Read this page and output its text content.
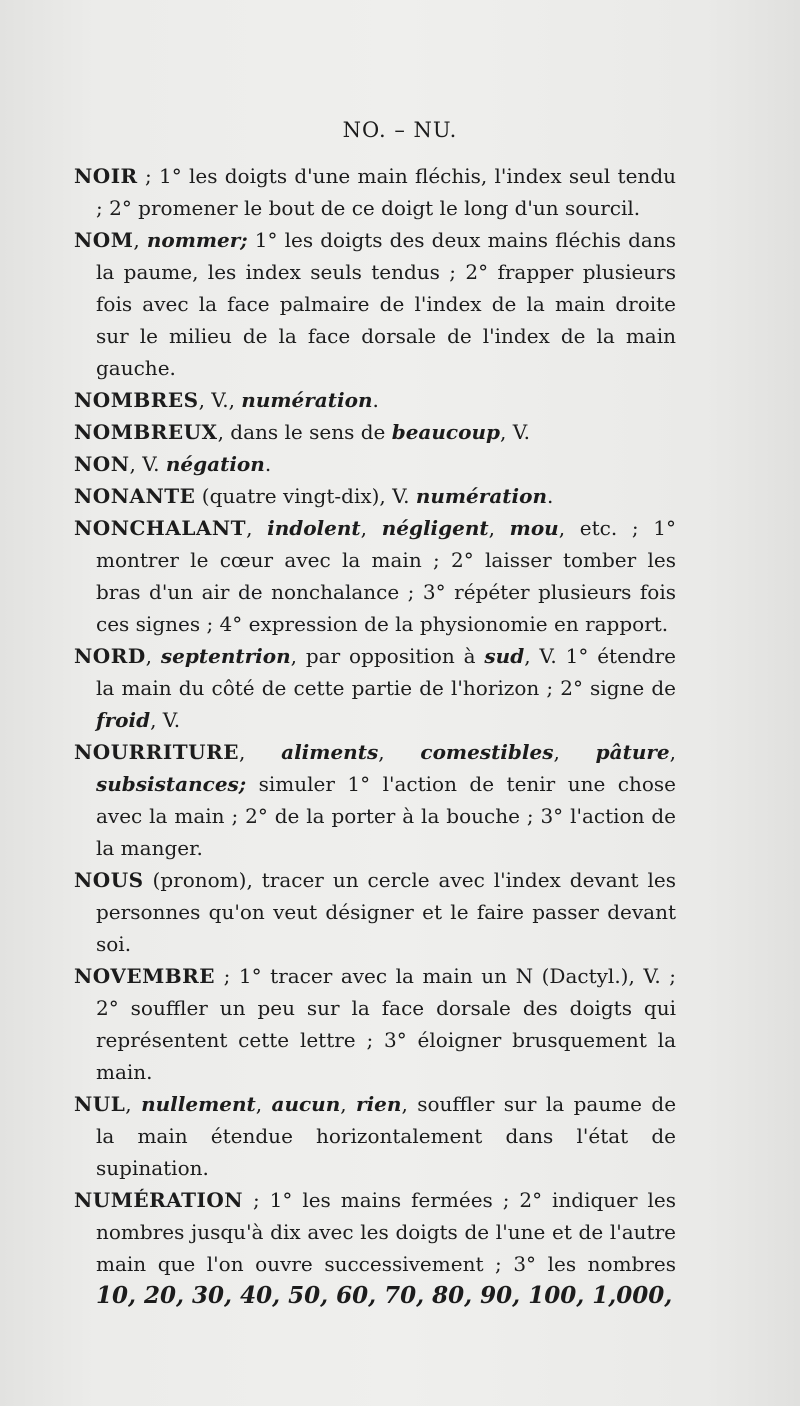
NO. – NU.

NOIR ; 1° les doigts d'une main fléchis, l'index seul tendu ; 2° promener le bout de ce doigt le long d'un sourcil.

NOM, nommer; 1° les doigts des deux mains fléchis dans la paume, les index seuls tendus ; 2° frapper plusieurs fois avec la face palmaire de l'index de la main droite sur le milieu de la face dorsale de l'index de la main gauche.

NOMBRES, V., numération.

NOMBREUX, dans le sens de beaucoup, V.

NON, V. négation.

NONANTE (quatre vingt-dix), V. numération.

NONCHALANT, indolent, négligent, mou, etc. ; 1° montrer le cœur avec la main ; 2° laisser tomber les bras d'un air de nonchalance ; 3° répéter plusieurs fois ces signes ; 4° expression de la physionomie en rapport.

NORD, septentrion, par opposition à sud, V. 1° étendre la main du côté de cette partie de l'horizon ; 2° signe de froid, V.

NOURRITURE, aliments, comestibles, pâture, subsistances; simuler 1° l'action de tenir une chose avec la main ; 2° de la porter à la bouche ; 3° l'action de la manger.

NOUS (pronom), tracer un cercle avec l'index devant les personnes qu'on veut désigner et le faire passer devant soi.

NOVEMBRE ; 1° tracer avec la main un N (Dactyl.), V. ; 2° souffler un peu sur la face dorsale des doigts qui représentent cette lettre ; 3° éloigner brusquement la main.

NUL, nullement, aucun, rien, souffler sur la paume de la main étendue horizontalement dans l'état de supination.

NUMÉRATION ; 1° les mains fermées ; 2° indiquer les nombres jusqu'à dix avec les doigts de l'une et de l'autre main que l'on ouvre successivement ; 3° les nombres 10, 20, 30, 40, 50, 60, 70, 80, 90, 100, 1,000,
